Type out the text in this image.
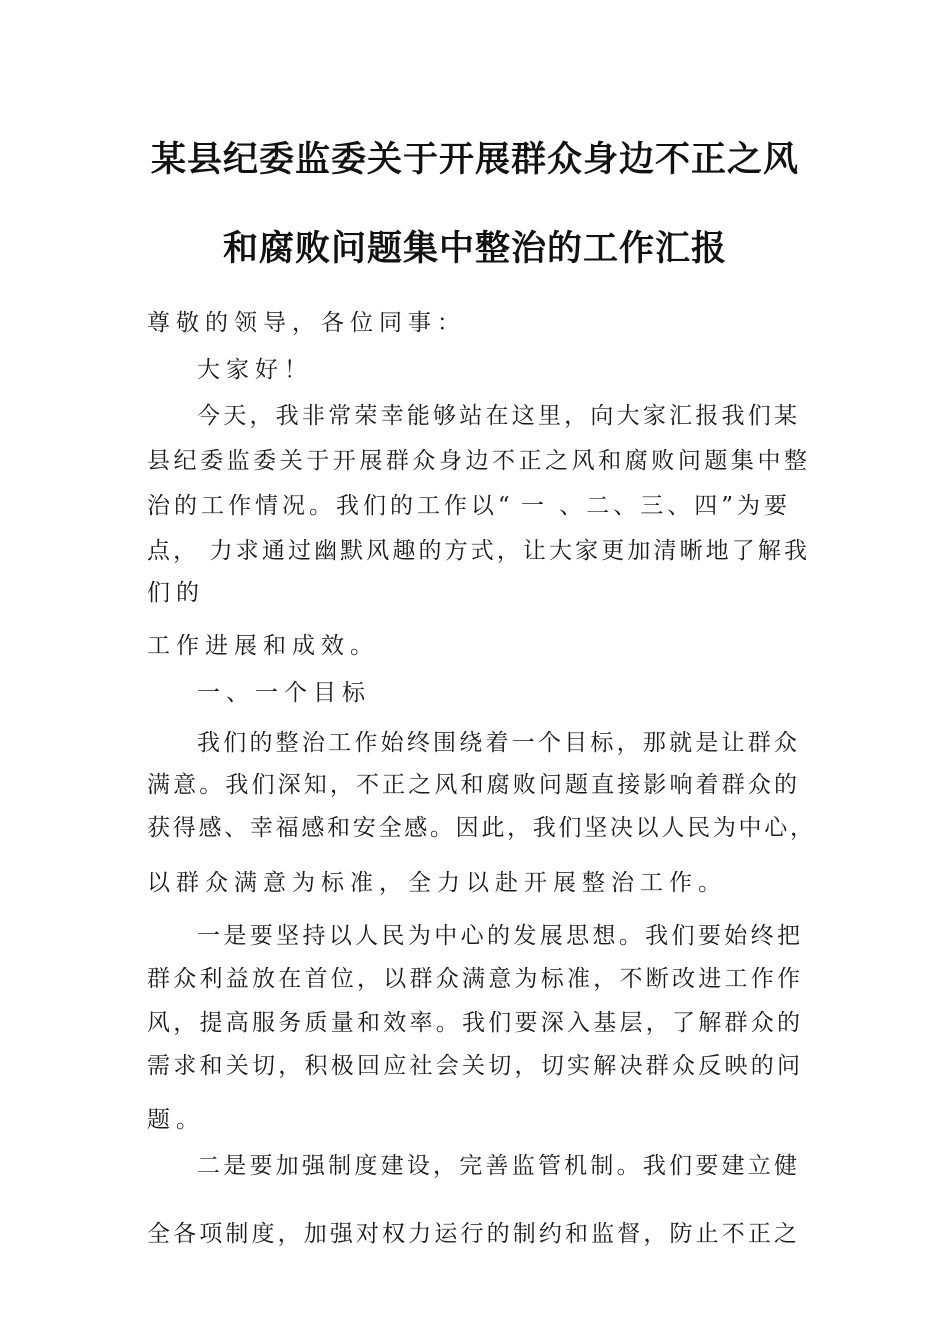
某县纪委监委关于开展群众身边不正之风
和腐败问题集中整治的工作汇报

尊敬的领导，各位同事：

大家好！

今天，我非常荣幸能够站在这里，向大家汇报我们某

县纪委监委关于开展群众身边不正之风和腐败问题集中整

治的工作情况。我们的工作以“ 一 、二、三、四”为要

点， 力求通过幽默风趣的方式，让大家更加清晰地了解我

们的

工作进展和成效。

一、一个目标

我们的整治工作始终围绕着一个目标，那就是让群众

满意。我们深知，不正之风和腐败问题直接影响着群众的

获得感、幸福感和安全感。因此，我们坚决以人民为中心，

以群众满意为标准，全力以赴开展整治工作。

一是要坚持以人民为中心的发展思想。我们要始终把

群众利益放在首位，以群众满意为标准，不断改进工作作

风，提高服务质量和效率。我们要深入基层，了解群众的

需求和关切，积极回应社会关切，切实解决群众反映的问

题。

二是要加强制度建设，完善监管机制。我们要建立健

全各项制度，加强对权力运行的制约和监督，防止不正之
